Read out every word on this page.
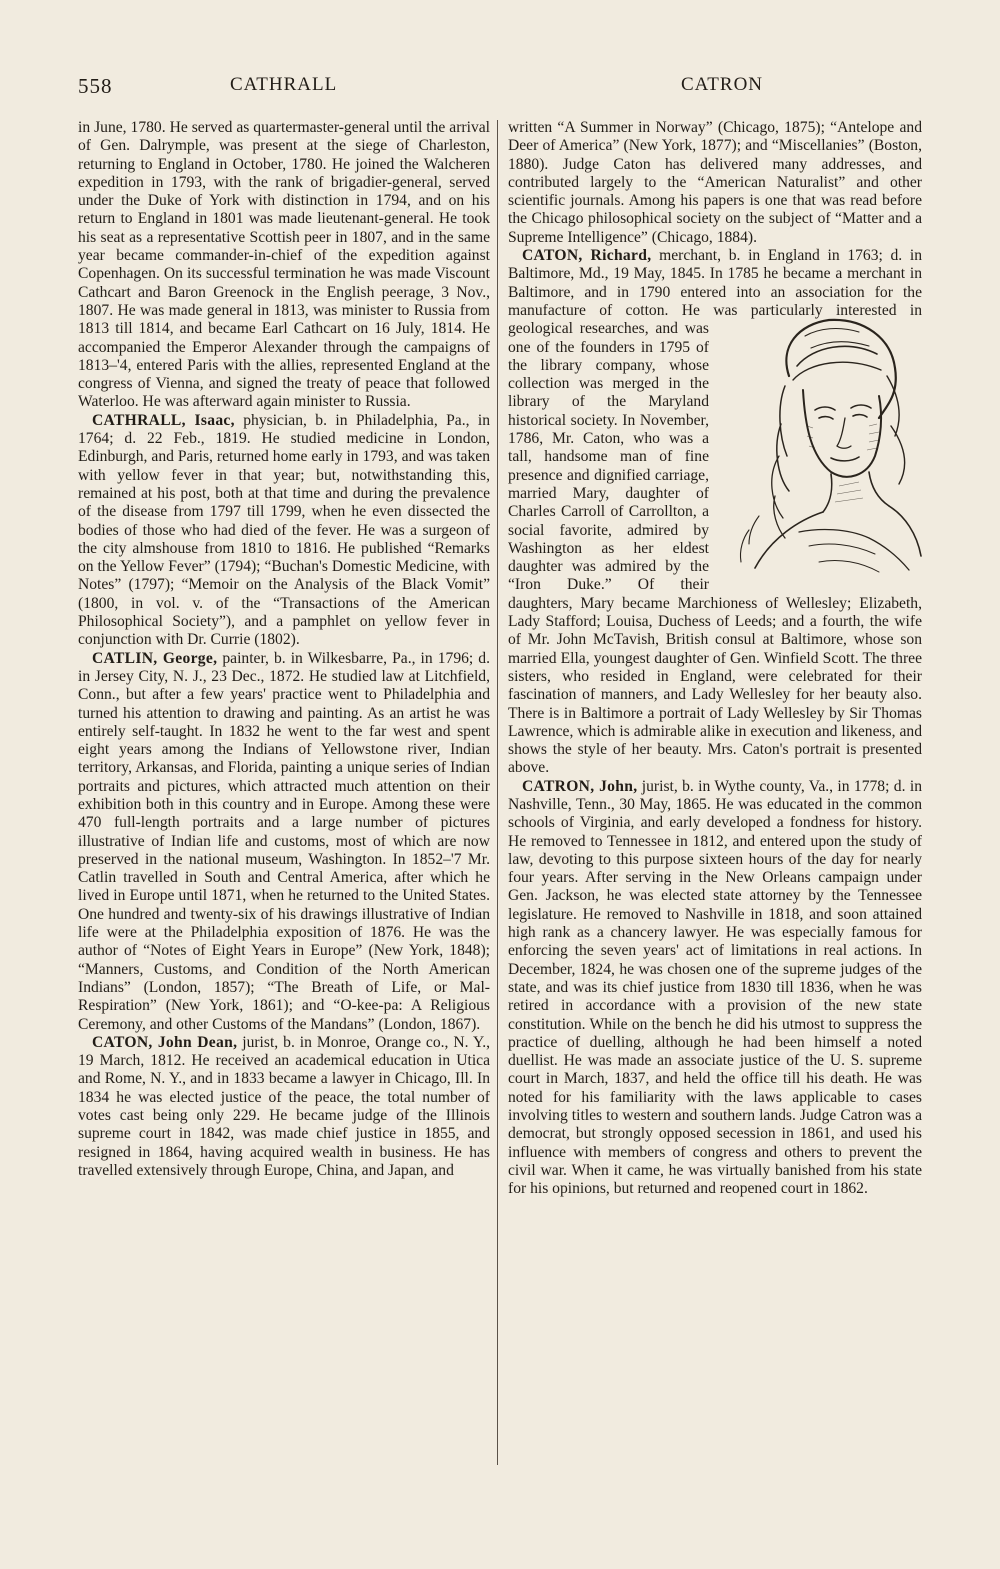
558	CATHRALL	CATRON

in June, 1780. He served as quartermaster-general until the arrival of Gen. Dalrymple, was present at the siege of Charleston, returning to England in October, 1780. He joined the Walcheren expedition in 1793, with the rank of brigadier-general, served under the Duke of York with distinction in 1794, and on his return to England in 1801 was made lieutenant-general. He took his seat as a representative Scottish peer in 1807, and in the same year became commander-in-chief of the expedition against Copenhagen. On its successful termination he was made Viscount Cathcart and Baron Greenock in the English peerage, 3 Nov., 1807. He was made general in 1813, was minister to Russia from 1813 till 1814, and became Earl Cathcart on 16 July, 1814. He accompanied the Emperor Alexander through the campaigns of 1813–'4, entered Paris with the allies, represented England at the congress of Vienna, and signed the treaty of peace that followed Waterloo. He was afterward again minister to Russia.

CATHRALL, Isaac, physician, b. in Philadelphia, Pa., in 1764; d. 22 Feb., 1819. He studied medicine in London, Edinburgh, and Paris, returned home early in 1793, and was taken with yellow fever in that year; but, notwithstanding this, remained at his post, both at that time and during the prevalence of the disease from 1797 till 1799, when he even dissected the bodies of those who had died of the fever. He was a surgeon of the city almshouse from 1810 to 1816. He published “Remarks on the Yellow Fever” (1794); “Buchan's Domestic Medicine, with Notes” (1797); “Memoir on the Analysis of the Black Vomit” (1800, in vol. v. of the “Transactions of the American Philosophical Society”), and a pamphlet on yellow fever in conjunction with Dr. Currie (1802).

CATLIN, George, painter, b. in Wilkesbarre, Pa., in 1796; d. in Jersey City, N. J., 23 Dec., 1872. He studied law at Litchfield, Conn., but after a few years' practice went to Philadelphia and turned his attention to drawing and painting. As an artist he was entirely self-taught. In 1832 he went to the far west and spent eight years among the Indians of Yellowstone river, Indian territory, Arkansas, and Florida, painting a unique series of Indian portraits and pictures, which attracted much attention on their exhibition both in this country and in Europe. Among these were 470 full-length portraits and a large number of pictures illustrative of Indian life and customs, most of which are now preserved in the national museum, Washington. In 1852–'7 Mr. Catlin travelled in South and Central America, after which he lived in Europe until 1871, when he returned to the United States. One hundred and twenty-six of his drawings illustrative of Indian life were at the Philadelphia exposition of 1876. He was the author of “Notes of Eight Years in Europe” (New York, 1848); “Manners, Customs, and Condition of the North American Indians” (London, 1857); “The Breath of Life, or Mal-Respiration” (New York, 1861); and “O-kee-pa: A Religious Ceremony, and other Customs of the Mandans” (London, 1867).

CATON, John Dean, jurist, b. in Monroe, Orange co., N. Y., 19 March, 1812. He received an academical education in Utica and Rome, N. Y., and in 1833 became a lawyer in Chicago, Ill. In 1834 he was elected justice of the peace, the total number of votes cast being only 229. He became judge of the Illinois supreme court in 1842, was made chief justice in 1855, and resigned in 1864, having acquired wealth in business. He has travelled extensively through Europe, China, and Japan, and

written “A Summer in Norway” (Chicago, 1875); “Antelope and Deer of America” (New York, 1877); and “Miscellanies” (Boston, 1880). Judge Caton has delivered many addresses, and contributed largely to the “American Naturalist” and other scientific journals. Among his papers is one that was read before the Chicago philosophical society on the subject of “Matter and a Supreme Intelligence” (Chicago, 1884).

CATON, Richard, merchant, b. in England in 1763; d. in Baltimore, Md., 19 May, 1845. In 1785 he became a merchant in Baltimore, and in 1790 entered into an association for the manufacture of
cotton. He was particularly interested in geological researches, and was one of the founders in 1795 of the library company, whose collection was merged in the library of the Maryland historical society. In November, 1786, Mr. Caton, who was a tall, handsome man of fine presence and dignified carriage, married Mary, daughter of Charles Carroll of Carrollton, a social favorite, admired by Washington as her eldest daughter was admired by the “Iron Duke.” Of their daughters, Mary became Marchioness of Wellesley; Elizabeth, Lady Stafford; Louisa, Duchess of Leeds; and a fourth, the wife of Mr. John McTavish, British consul at Baltimore, whose son married Ella, youngest daughter of Gen. Winfield Scott. The three sisters, who resided in England, were celebrated for their fascination of manners, and Lady Wellesley for her beauty also. There is in Baltimore a portrait of Lady Wellesley by Sir Thomas Lawrence, which is admirable alike in execution and likeness, and shows the style of her beauty. Mrs. Caton's portrait is presented above.

CATRON, John, jurist, b. in Wythe county, Va., in 1778; d. in Nashville, Tenn., 30 May, 1865. He was educated in the common schools of Virginia, and early developed a fondness for history. He removed to Tennessee in 1812, and entered upon the study of law, devoting to this purpose sixteen hours of the day for nearly four years. After serving in the New Orleans campaign under Gen. Jackson, he was elected state attorney by the Tennessee legislature. He removed to Nashville in 1818, and soon attained high rank as a chancery lawyer. He was especially famous for enforcing the seven years' act of limitations in real actions. In December, 1824, he was chosen one of the supreme judges of the state, and was its chief justice from 1830 till 1836, when he was retired in accordance with a provision of the new state constitution. While on the bench he did his utmost to suppress the practice of duelling, although he had been himself a noted duellist. He was made an associate justice of the U. S. supreme court in March, 1837, and held the office till his death. He was noted for his familiarity with the laws applicable to cases involving titles to western and southern lands. Judge Catron was a democrat, but strongly opposed secession in 1861, and used his influence with members of congress and others to prevent the civil war. When it came, he was virtually banished from his state for his opinions, but returned and reopened court in 1862.
